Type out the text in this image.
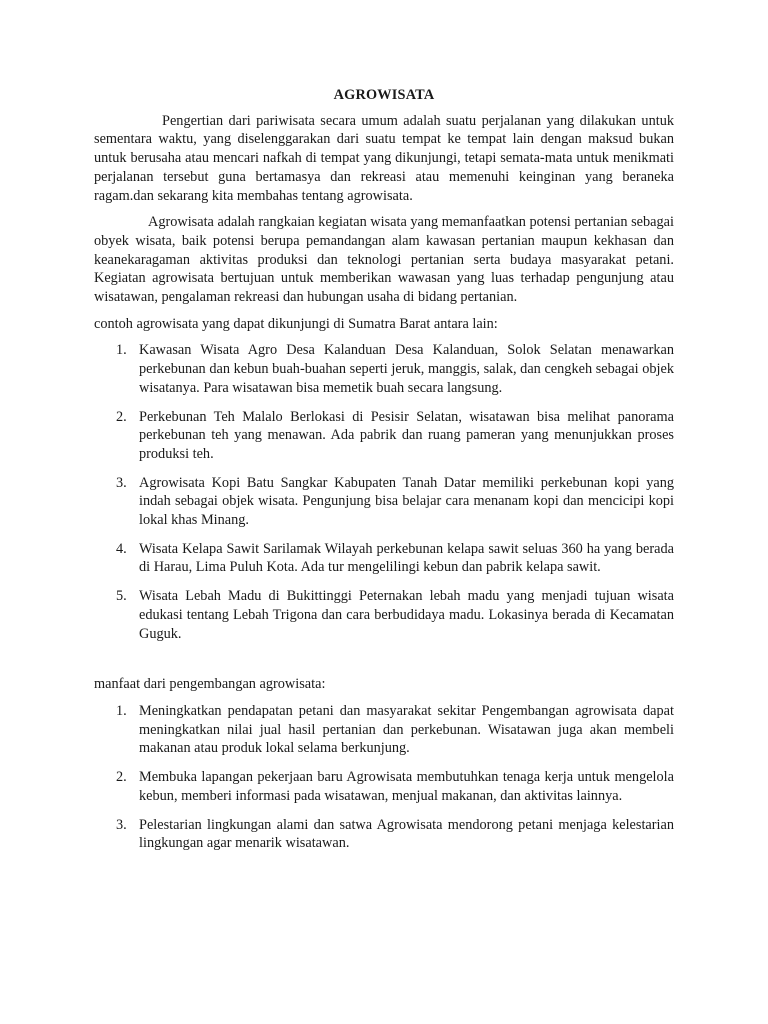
AGROWISATA

Pengertian dari pariwisata secara umum adalah suatu perjalanan yang dilakukan untuk sementara waktu, yang diselenggarakan dari suatu tempat ke tempat lain dengan maksud bukan untuk berusaha atau mencari nafkah di tempat yang dikunjungi, tetapi semata-mata untuk menikmati perjalanan tersebut guna bertamasya dan rekreasi atau memenuhi keinginan yang beraneka ragam.dan sekarang kita membahas tentang agrowisata.

Agrowisata adalah rangkaian kegiatan wisata yang memanfaatkan potensi pertanian sebagai obyek wisata, baik potensi berupa pemandangan alam kawasan pertanian maupun kekhasan dan keanekaragaman aktivitas produksi dan teknologi pertanian serta budaya masyarakat petani. Kegiatan agrowisata bertujuan untuk memberikan wawasan yang luas terhadap pengunjung atau wisatawan, pengalaman rekreasi dan hubungan usaha di bidang pertanian.

contoh agrowisata yang dapat dikunjungi di Sumatra Barat antara lain:

1. Kawasan Wisata Agro Desa Kalanduan Desa Kalanduan, Solok Selatan menawarkan perkebunan dan kebun buah-buahan seperti jeruk, manggis, salak, dan cengkeh sebagai objek wisatanya. Para wisatawan bisa memetik buah secara langsung.
2. Perkebunan Teh Malalo Berlokasi di Pesisir Selatan, wisatawan bisa melihat panorama perkebunan teh yang menawan. Ada pabrik dan ruang pameran yang menunjukkan proses produksi teh.
3. Agrowisata Kopi Batu Sangkar Kabupaten Tanah Datar memiliki perkebunan kopi yang indah sebagai objek wisata. Pengunjung bisa belajar cara menanam kopi dan mencicipi kopi lokal khas Minang.
4. Wisata Kelapa Sawit Sarilamak Wilayah perkebunan kelapa sawit seluas 360 ha yang berada di Harau, Lima Puluh Kota. Ada tur mengelilingi kebun dan pabrik kelapa sawit.
5. Wisata Lebah Madu di Bukittinggi Peternakan lebah madu yang menjadi tujuan wisata edukasi tentang Lebah Trigona dan cara berbudidaya madu. Lokasinya berada di Kecamatan Guguk.

manfaat dari pengembangan agrowisata:

1. Meningkatkan pendapatan petani dan masyarakat sekitar Pengembangan agrowisata dapat meningkatkan nilai jual hasil pertanian dan perkebunan. Wisatawan juga akan membeli makanan atau produk lokal selama berkunjung.
2. Membuka lapangan pekerjaan baru Agrowisata membutuhkan tenaga kerja untuk mengelola kebun, memberi informasi pada wisatawan, menjual makanan, dan aktivitas lainnya.
3. Pelestarian lingkungan alami dan satwa Agrowisata mendorong petani menjaga kelestarian lingkungan agar menarik wisatawan.
